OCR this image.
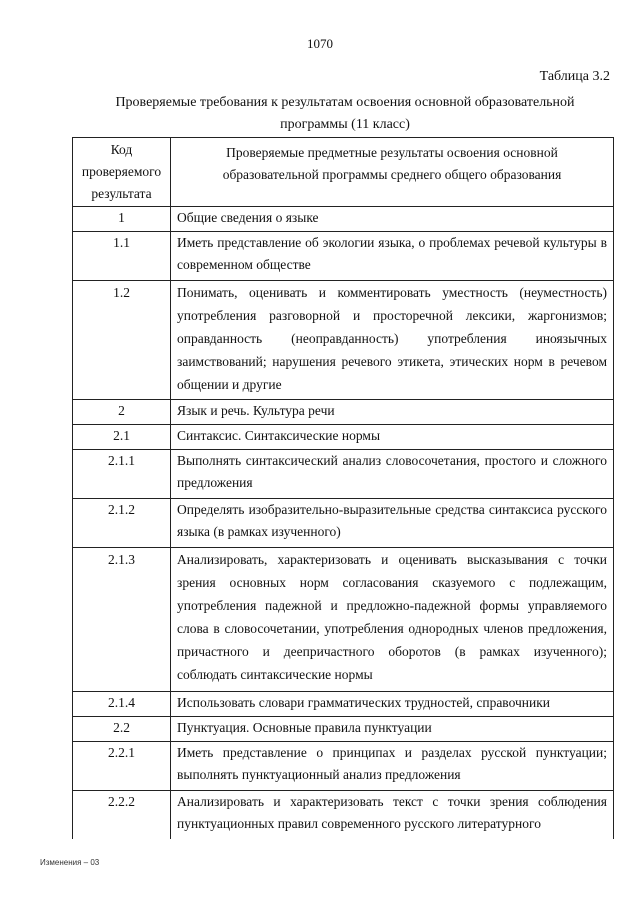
1070
Таблица 3.2
Проверяемые требования к результатам освоения основной образовательной программы (11 класс)
Код проверяемого результата	Проверяемые предметные результаты освоения основной образовательной программы среднего общего образования
1	Общие сведения о языке
1.1	Иметь представление об экологии языка, о проблемах речевой культуры в современном обществе
1.2	Понимать, оценивать и комментировать уместность (неуместность) употребления разговорной и просторечной лексики, жаргонизмов; оправданность (неоправданность) употребления иноязычных заимствований; нарушения речевого этикета, этических норм в речевом общении и другие
2	Язык и речь. Культура речи
2.1	Синтаксис. Синтаксические нормы
2.1.1	Выполнять синтаксический анализ словосочетания, простого и сложного предложения
2.1.2	Определять изобразительно-выразительные средства синтаксиса русского языка (в рамках изученного)
2.1.3	Анализировать, характеризовать и оценивать высказывания с точки зрения основных норм согласования сказуемого с подлежащим, употребления падежной и предложно-падежной формы управляемого слова в словосочетании, употребления однородных членов предложения, причастного и деепричастного оборотов (в рамках изученного); соблюдать синтаксические нормы
2.1.4	Использовать словари грамматических трудностей, справочники
2.2	Пунктуация. Основные правила пунктуации
2.2.1	Иметь представление о принципах и разделах русской пунктуации; выполнять пунктуационный анализ предложения
2.2.2	Анализировать и характеризовать текст с точки зрения соблюдения пунктуационных правил современного русского литературного
Изменения – 03
